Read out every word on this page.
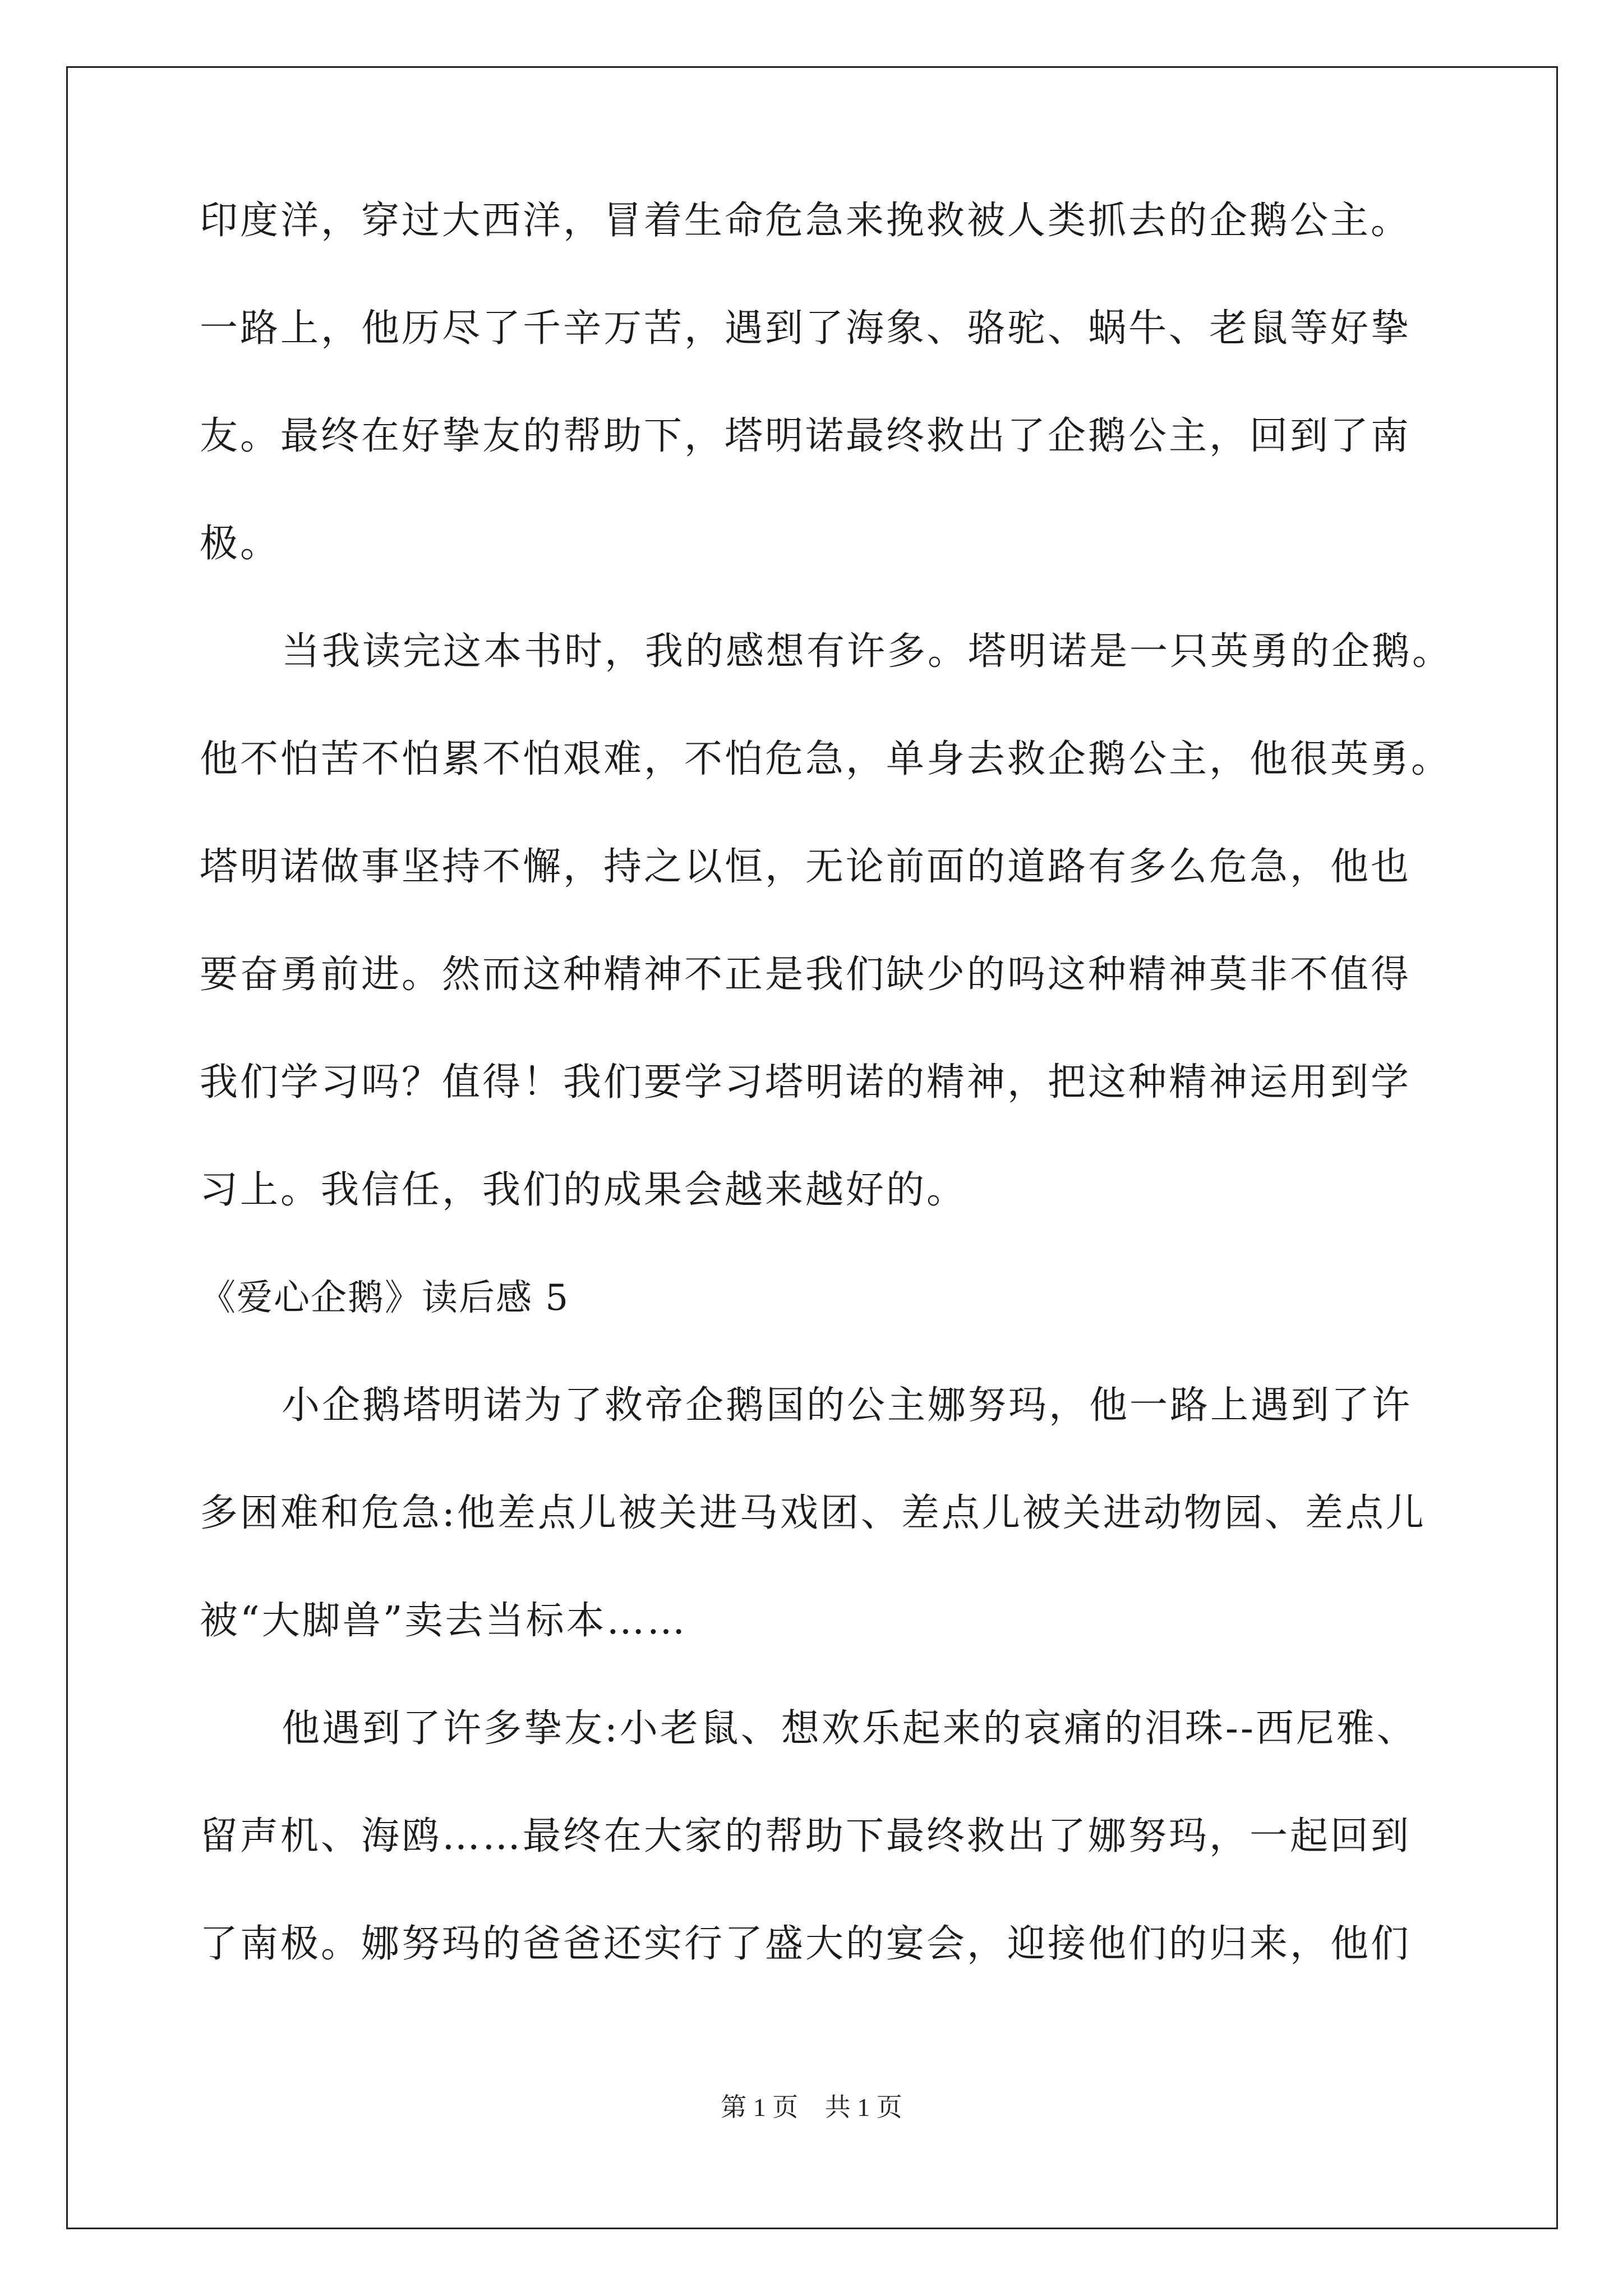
印度洋，穿过大西洋，冒着生命危急来挽救被人类抓去的企鹅公主。
一路上，他历尽了千辛万苦，遇到了海象、骆驼、蜗牛、老鼠等好挚
友。最终在好挚友的帮助下，塔明诺最终救出了企鹅公主，回到了南
极。
当我读完这本书时，我的感想有许多。塔明诺是一只英勇的企鹅。
他不怕苦不怕累不怕艰难，不怕危急，单身去救企鹅公主，他很英勇。
塔明诺做事坚持不懈，持之以恒，无论前面的道路有多么危急，他也
要奋勇前进。然而这种精神不正是我们缺少的吗这种精神莫非不值得
我们学习吗？值得！我们要学习塔明诺的精神，把这种精神运用到学
习上。我信任，我们的成果会越来越好的。
《爱心企鹅》读后感 5
小企鹅塔明诺为了救帝企鹅国的公主娜努玛，他一路上遇到了许
多困难和危急:他差点儿被关进马戏团、差点儿被关进动物园、差点儿
被“大脚兽”卖去当标本……
他遇到了许多挚友:小老鼠、想欢乐起来的哀痛的泪珠--西尼雅、
留声机、海鸥……最终在大家的帮助下最终救出了娜努玛，一起回到
了南极。娜努玛的爸爸还实行了盛大的宴会，迎接他们的归来，他们
第 1 页 共 1 页
